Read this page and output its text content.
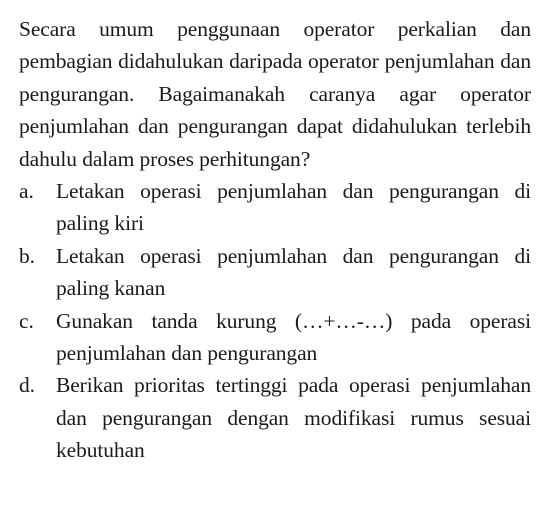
Secara umum penggunaan operator perkalian dan pembagian didahulukan daripada operator penjumlahan dan pengurangan. Bagaimanakah caranya agar operator penjumlahan dan pengurangan dapat didahulukan terlebih dahulu dalam proses perhitungan?

a. Letakan operasi penjumlahan dan pengurangan di paling kiri
b. Letakan operasi penjumlahan dan pengurangan di paling kanan
c. Gunakan tanda kurung (…+…-…) pada operasi penjumlahan dan pengurangan
d. Berikan prioritas tertinggi pada operasi penjumlahan dan pengurangan dengan modifikasi rumus sesuai kebutuhan
